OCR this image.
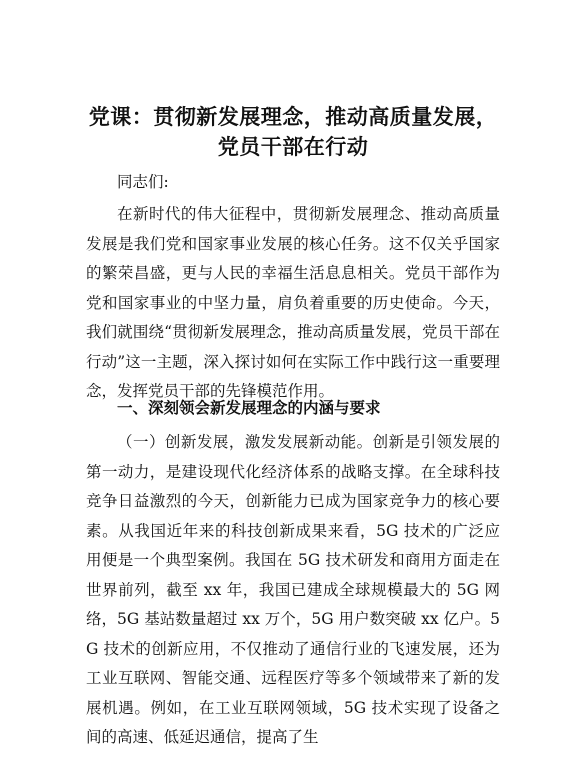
党课：贯彻新发展理念，推动高质量发展，党员干部在行动

同志们:

在新时代的伟大征程中，贯彻新发展理念、推动高质量发展是我们党和国家事业发展的核心任务。这不仅关乎国家的繁荣昌盛，更与人民的幸福生活息息相关。党员干部作为党和国家事业的中坚力量，肩负着重要的历史使命。今天，我们就围绕“贯彻新发展理念，推动高质量发展，党员干部在行动”这一主题，深入探讨如何在实际工作中践行这一重要理念，发挥党员干部的先锋模范作用。

一、深刻领会新发展理念的内涵与要求

（一）创新发展，激发发展新动能。创新是引领发展的第一动力，是建设现代化经济体系的战略支撑。在全球科技竞争日益激烈的今天，创新能力已成为国家竞争力的核心要素。从我国近年来的科技创新成果来看，5G 技术的广泛应用便是一个典型案例。我国在 5G 技术研发和商用方面走在世界前列，截至 xx 年，我国已建成全球规模最大的 5G 网络，5G 基站数量超过 xx 万个，5G 用户数突破 xx 亿户。5G 技术的创新应用，不仅推动了通信行业的飞速发展，还为工业互联网、智能交通、远程医疗等多个领域带来了新的发展机遇。例如，在工业互联网领域，5G 技术实现了设备之间的高速、低延迟通信，提高了生
